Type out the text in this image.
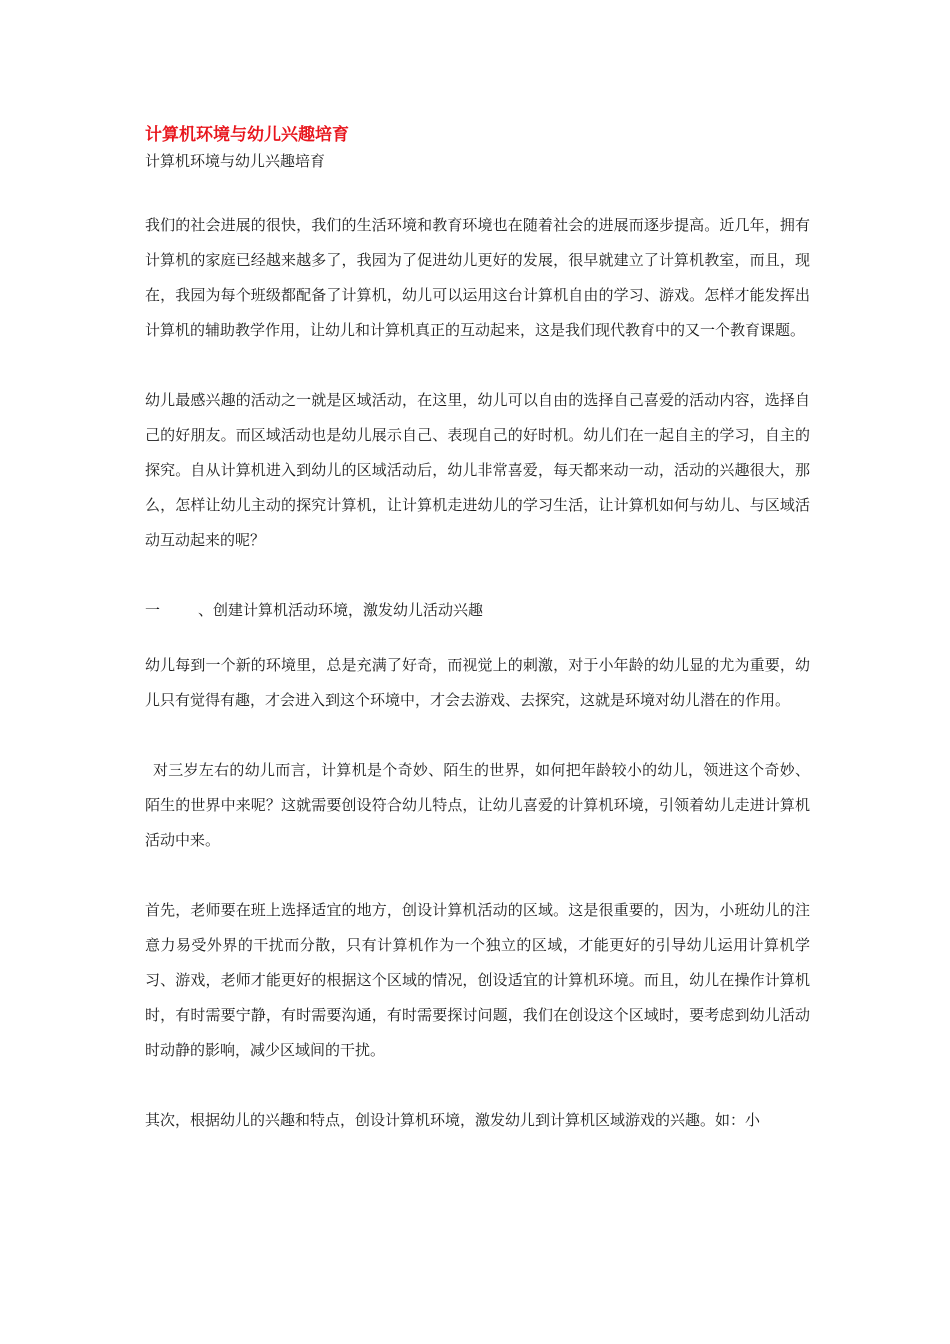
计算机环境与幼儿兴趣培育

计算机环境与幼儿兴趣培育

我们的社会进展的很快，我们的生活环境和教育环境也在随着社会的进展而逐步提高。近几年，拥有计算机的家庭已经越来越多了，我园为了促进幼儿更好的发展，很早就建立了计算机教室，而且，现在，我园为每个班级都配备了计算机，幼儿可以运用这台计算机自由的学习、游戏。怎样才能发挥出计算机的辅助教学作用，让幼儿和计算机真正的互动起来，这是我们现代教育中的又一个教育课题。

幼儿最感兴趣的活动之一就是区域活动，在这里，幼儿可以自由的选择自己喜爱的活动内容，选择自己的好朋友。而区域活动也是幼儿展示自己、表现自己的好时机。幼儿们在一起自主的学习，自主的探究。自从计算机进入到幼儿的区域活动后，幼儿非常喜爱，每天都来动一动，活动的兴趣很大，那么，怎样让幼儿主动的探究计算机，让计算机走进幼儿的学习生活，让计算机如何与幼儿、与区域活动互动起来的呢？

一	、创建计算机活动环境，激发幼儿活动兴趣

幼儿每到一个新的环境里，总是充满了好奇，而视觉上的刺激，对于小年龄的幼儿显的尤为重要，幼儿只有觉得有趣，才会进入到这个环境中，才会去游戏、去探究，这就是环境对幼儿潜在的作用。

对三岁左右的幼儿而言，计算机是个奇妙、陌生的世界，如何把年龄较小的幼儿，领进这个奇妙、陌生的世界中来呢？这就需要创设符合幼儿特点，让幼儿喜爱的计算机环境，引领着幼儿走进计算机活动中来。

首先，老师要在班上选择适宜的地方，创设计算机活动的区域。这是很重要的，因为，小班幼儿的注意力易受外界的干扰而分散，只有计算机作为一个独立的区域，才能更好的引导幼儿运用计算机学习、游戏，老师才能更好的根据这个区域的情况，创设适宜的计算机环境。而且，幼儿在操作计算机时，有时需要宁静，有时需要沟通，有时需要探讨问题，我们在创设这个区域时，要考虑到幼儿活动时动静的影响，减少区域间的干扰。

其次，根据幼儿的兴趣和特点，创设计算机环境，激发幼儿到计算机区域游戏的兴趣。如：小
